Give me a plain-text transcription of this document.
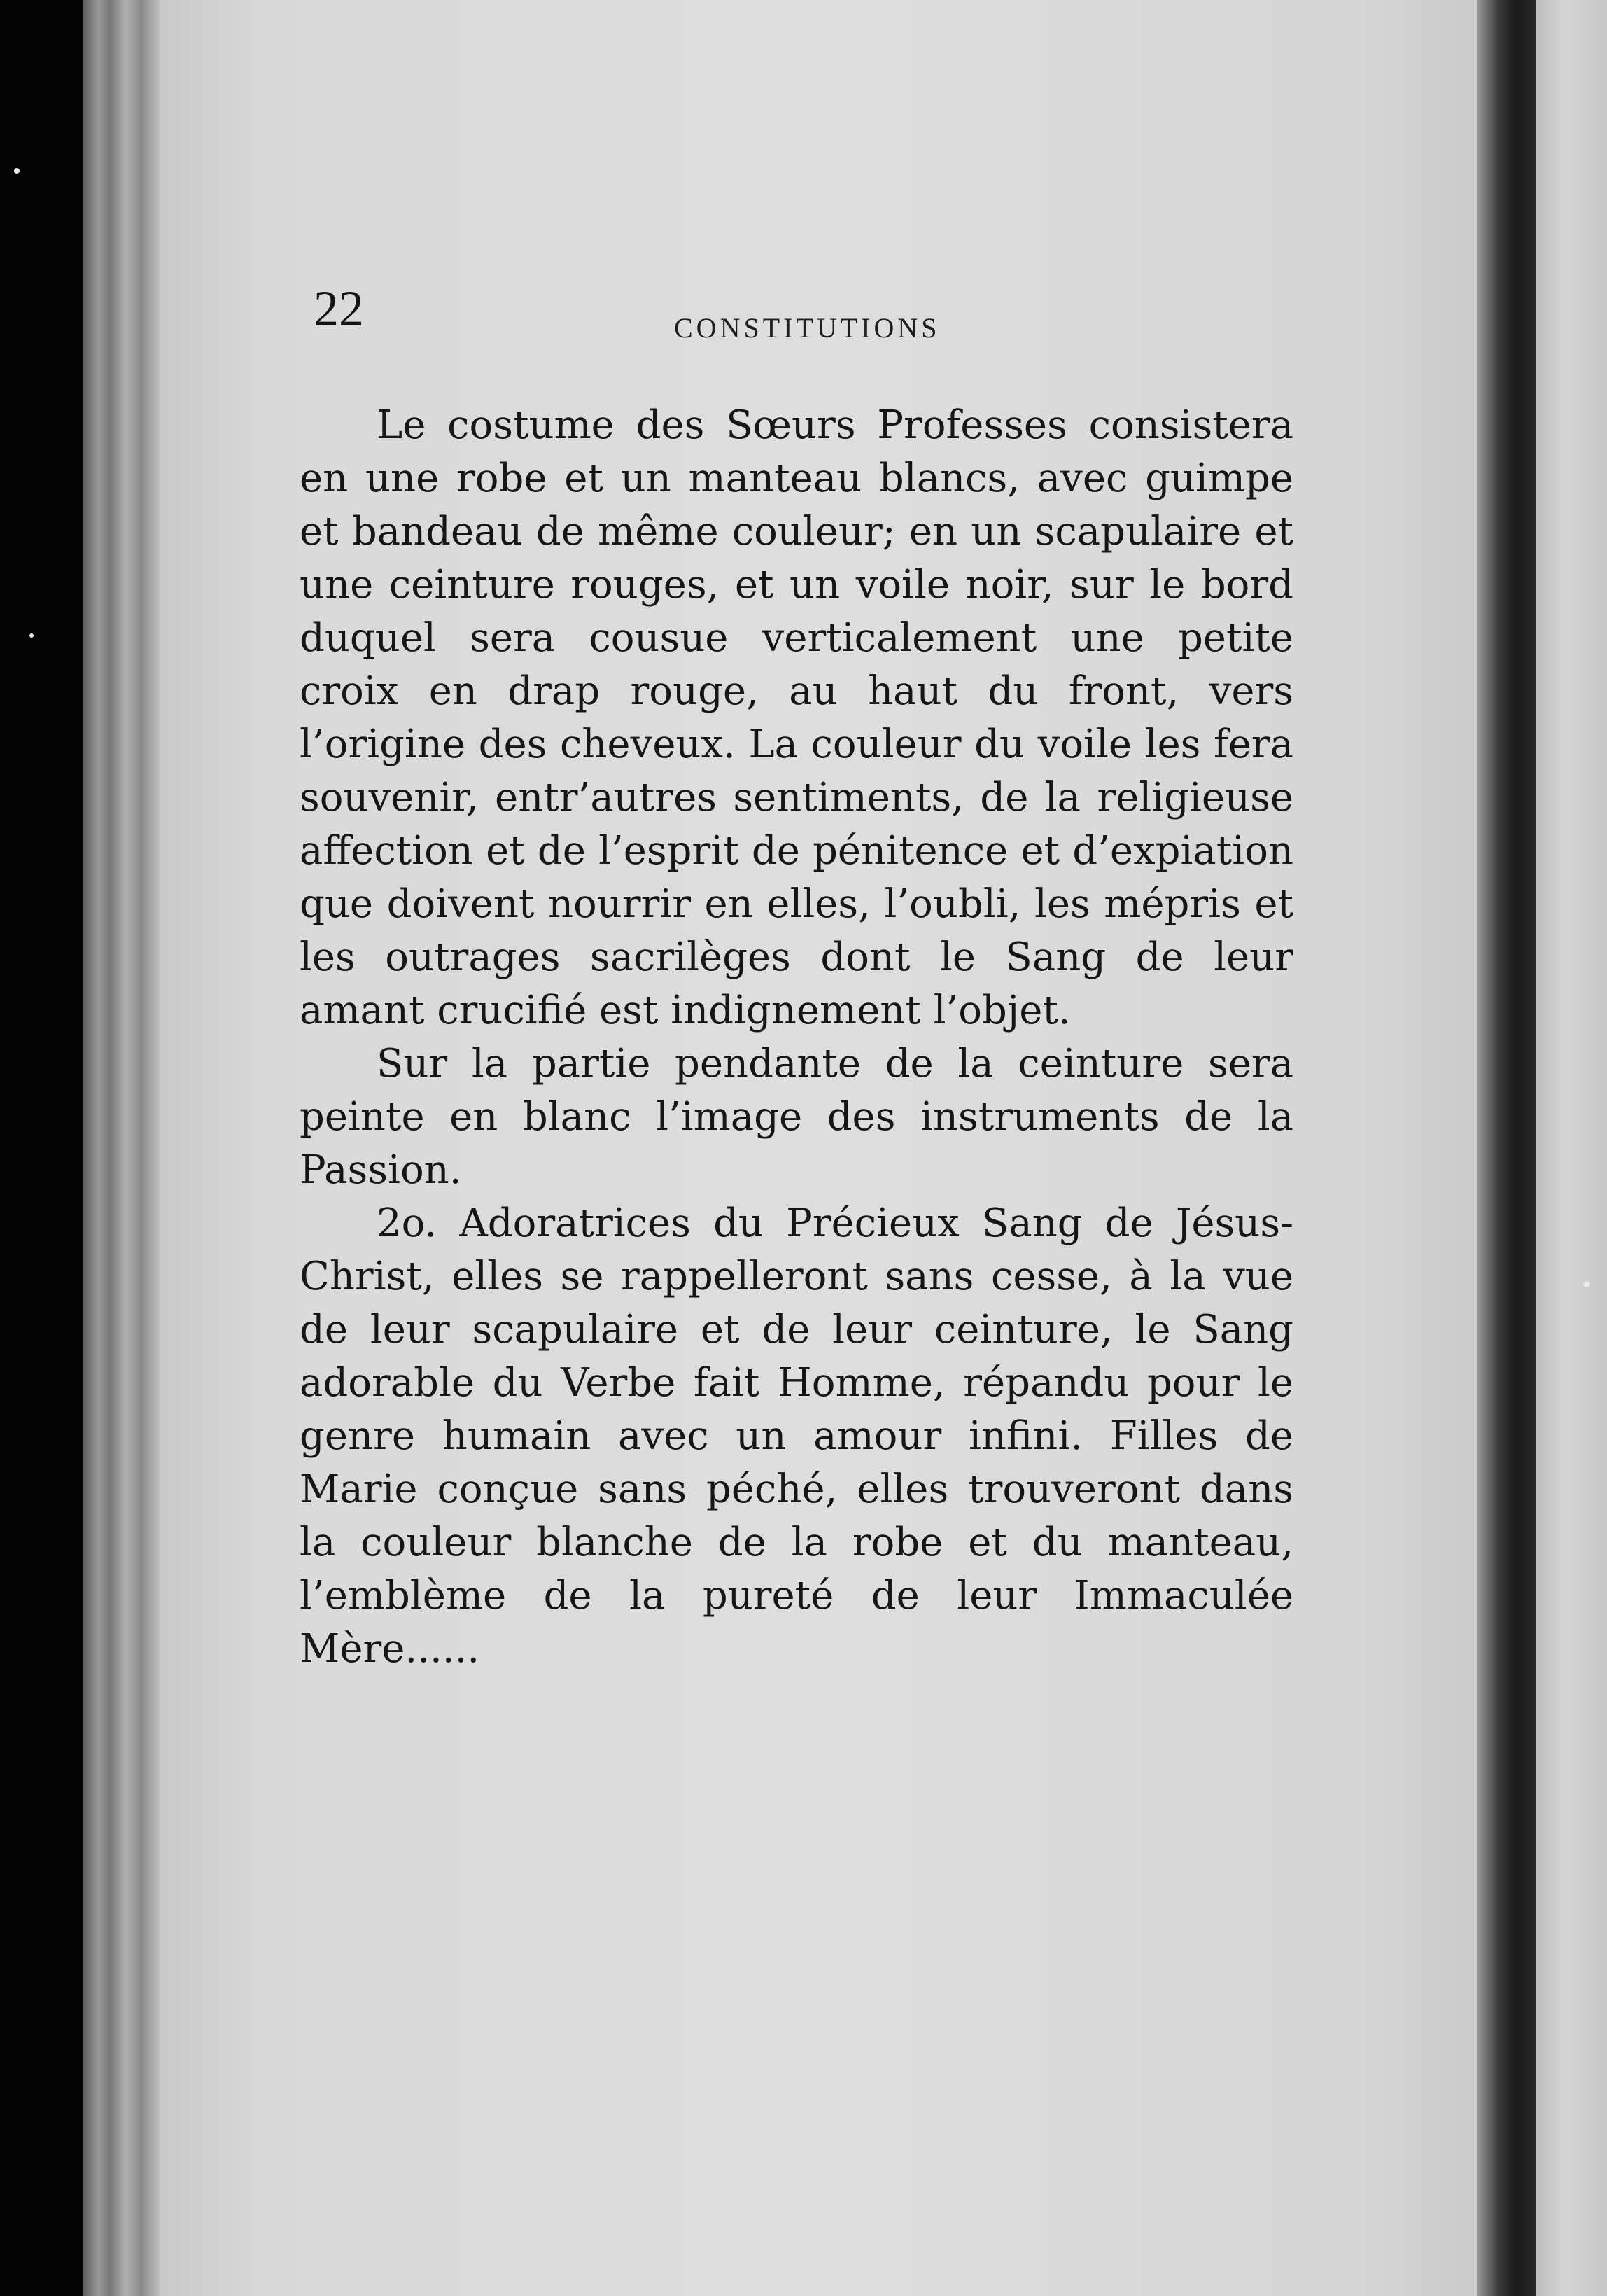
22	CONSTITUTIONS

Le costume des Sœurs Professes consistera en une robe et un manteau blancs, avec guimpe et bandeau de même couleur; en un scapulaire et une ceinture rouges, et un voile noir, sur le bord duquel sera cousue verticalement une petite croix en drap rouge, au haut du front, vers l’origine des cheveux. La couleur du voile les fera souvenir, entr’autres sentiments, de la religieuse affection et de l’esprit de pénitence et d’expiation que doivent nourrir en elles, l’oubli, les mépris et les outrages sacrilèges dont le Sang de leur amant crucifié est indignement l’objet.

Sur la partie pendante de la ceinture sera peinte en blanc l’image des instruments de la Passion.

2o. Adoratrices du Précieux Sang de Jésus-Christ, elles se rappelleront sans cesse, à la vue de leur scapulaire et de leur ceinture, le Sang adorable du Verbe fait Homme, répandu pour le genre humain avec un amour infini. Filles de Marie conçue sans péché, elles trouveront dans la couleur blanche de la robe et du manteau, l’emblème de la pureté de leur Immaculée Mère......
